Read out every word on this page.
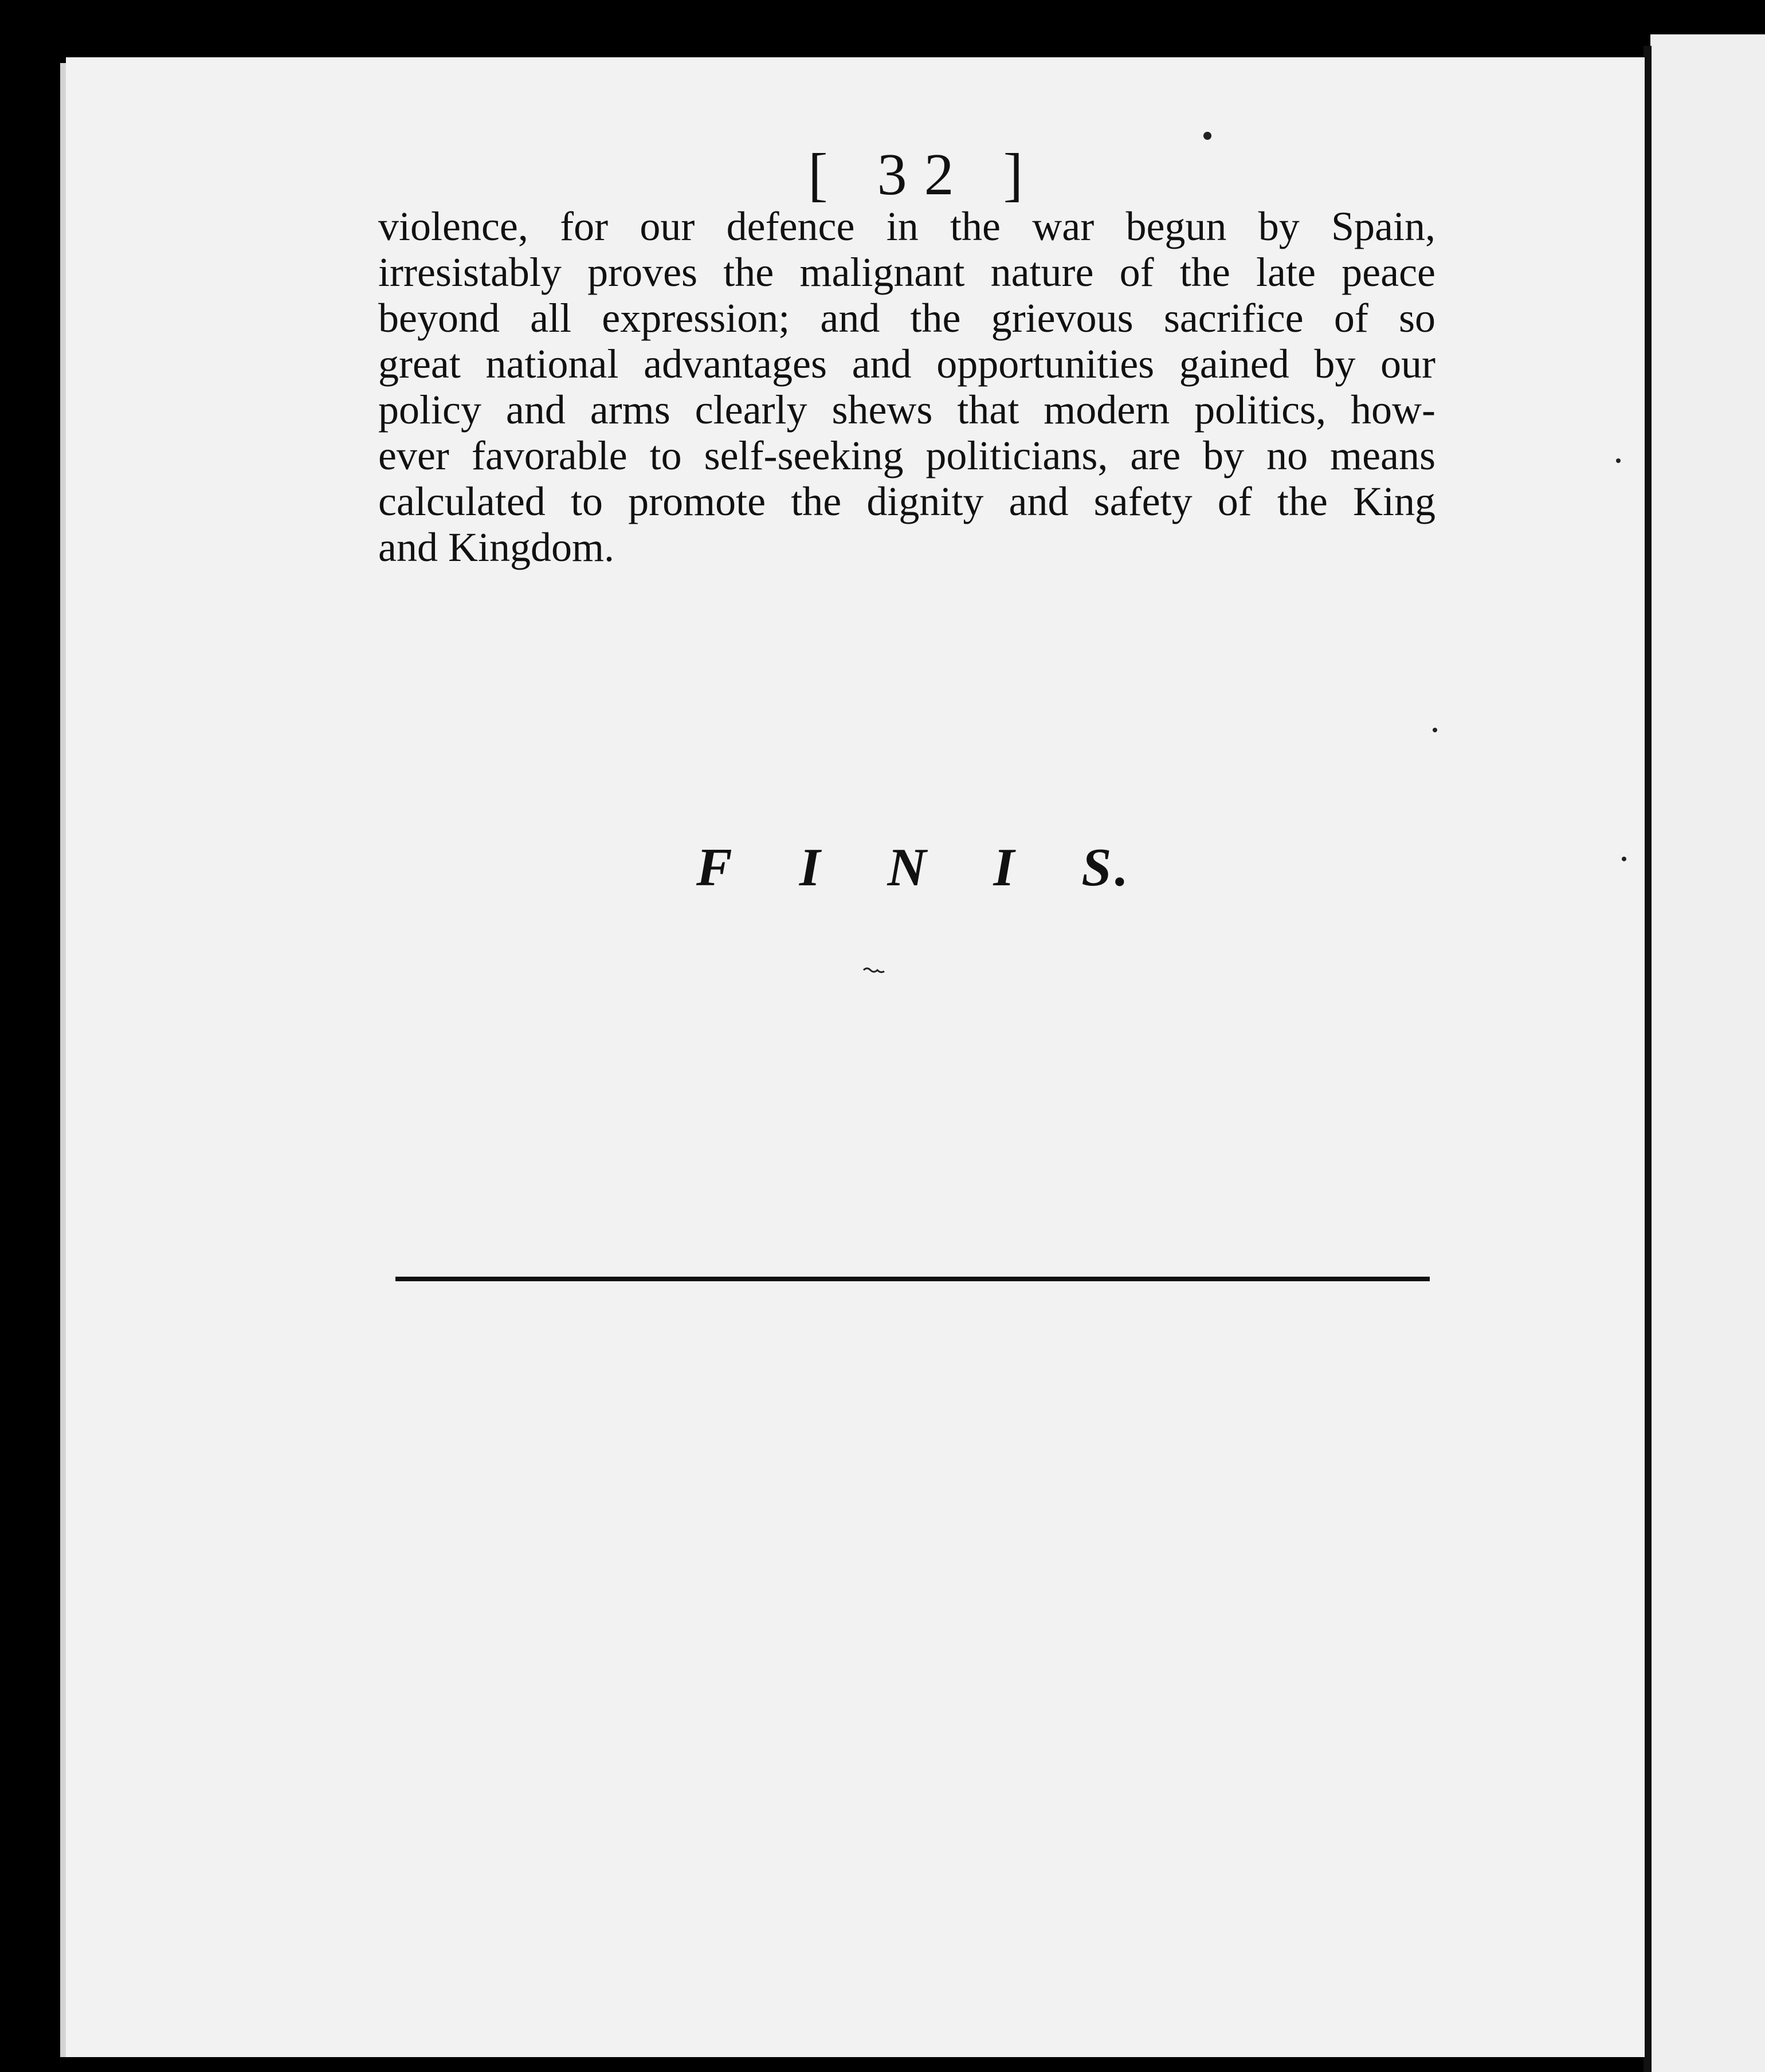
[ 32 ]
violence, for our defence in the war begun by Spain,
irresistably proves the malignant nature of the late peace
beyond all expression; and the grievous sacrifice of so
great national advantages and opportunities gained by our
policy and arms clearly shews that modern politics, how-
ever favorable to self-seeking politicians, are by no means
calculated to promote the dignity and safety of the King
and Kingdom.
F I N I S.
